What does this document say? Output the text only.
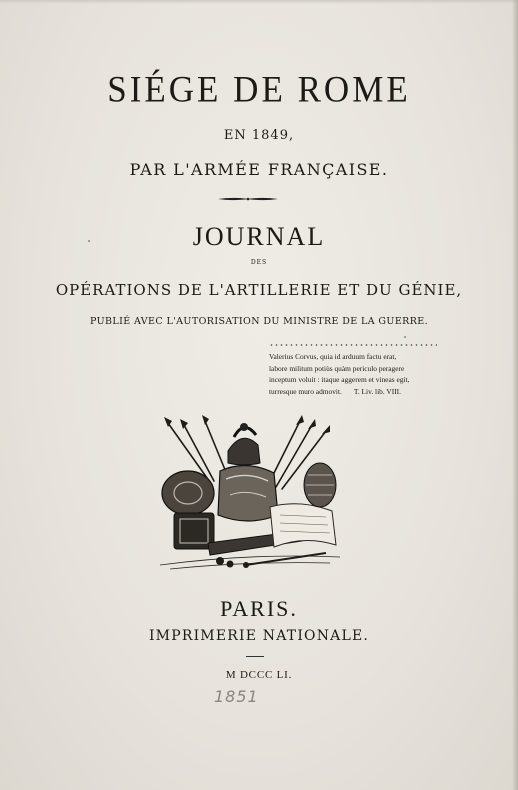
SIÉGE DE ROME
EN 1849,
PAR L'ARMÉE FRANÇAISE.
JOURNAL
DES
OPÉRATIONS DE L'ARTILLERIE ET DU GÉNIE,
PUBLIÉ AVEC L'AUTORISATION DU MINISTRE DE LA GUERRE.
Valerius Corvus, quia id arduum factu erat,
labore militum potiùs quàm periculo peragere
inceptum voluit : itaque aggerem et vineas egit,
turresque muro admovit. T. Liv. lib. VIII.
PARIS.
IMPRIMERIE NATIONALE.
M DCCC LI.
1851
